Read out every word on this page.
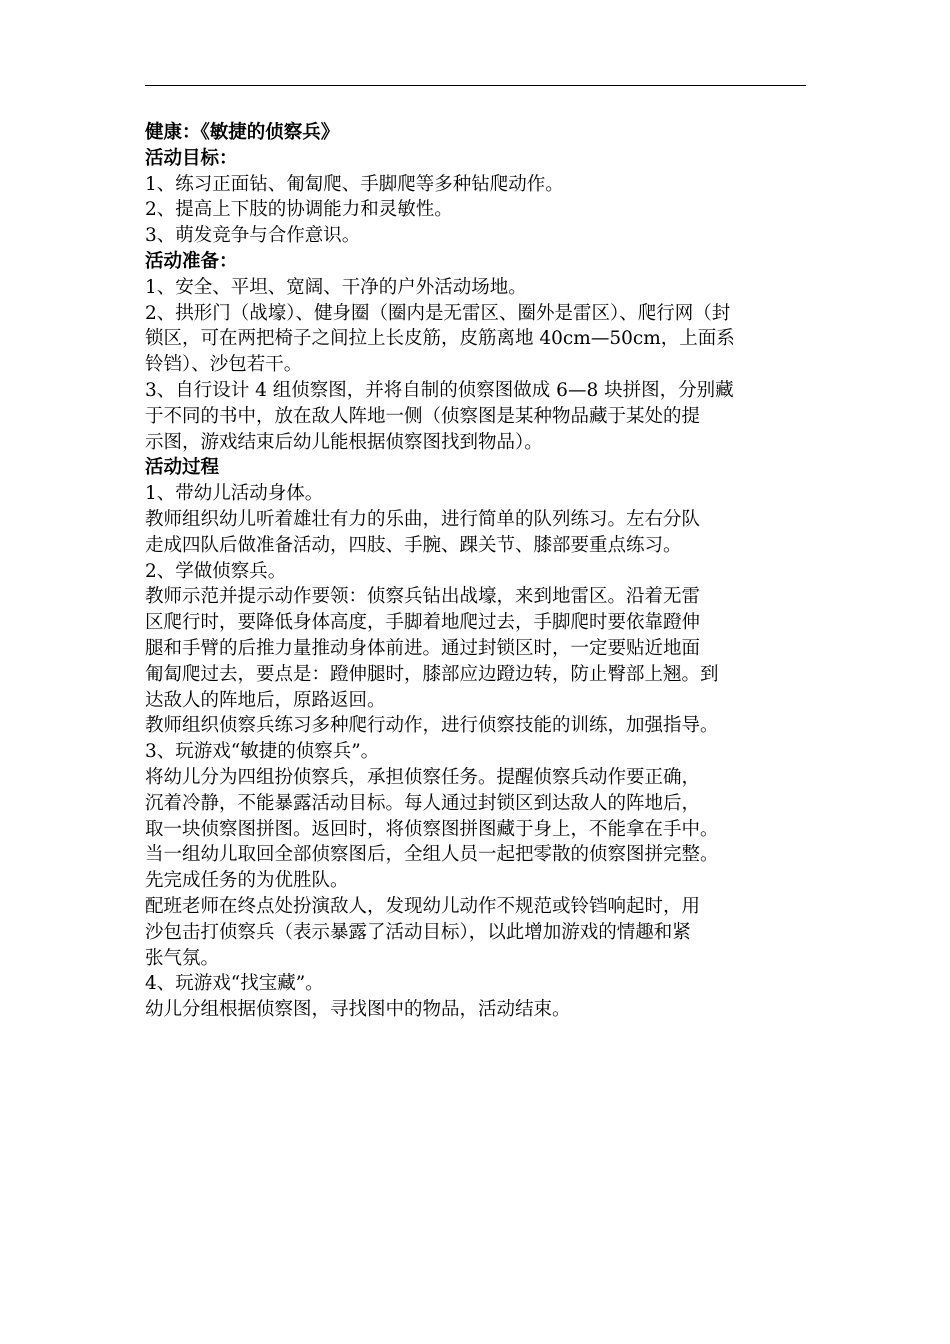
健康：《敏捷的侦察兵》
活动目标：
1、练习正面钻、匍匐爬、手脚爬等多种钻爬动作。
2、提高上下肢的协调能力和灵敏性。
3、萌发竞争与合作意识。
活动准备：
1、安全、平坦、宽阔、干净的户外活动场地。
2、拱形门（战壕）、健身圈（圈内是无雷区、圈外是雷区）、爬行网（封
锁区，可在两把椅子之间拉上长皮筋，皮筋离地 40cm—50cm，上面系
铃铛）、沙包若干。
3、自行设计 4 组侦察图，并将自制的侦察图做成 6—8 块拼图，分别藏
于不同的书中，放在敌人阵地一侧（侦察图是某种物品藏于某处的提
示图，游戏结束后幼儿能根据侦察图找到物品）。
活动过程
1、带幼儿活动身体。
教师组织幼儿听着雄壮有力的乐曲，进行简单的队列练习。左右分队
走成四队后做准备活动，四肢、手腕、踝关节、膝部要重点练习。
2、学做侦察兵。
教师示范并提示动作要领：侦察兵钻出战壕，来到地雷区。沿着无雷
区爬行时，要降低身体高度，手脚着地爬过去，手脚爬时要依靠蹬伸
腿和手臂的后推力量推动身体前进。通过封锁区时，一定要贴近地面
匍匐爬过去，要点是：蹬伸腿时，膝部应边蹬边转，防止臀部上翘。到
达敌人的阵地后，原路返回。
教师组织侦察兵练习多种爬行动作，进行侦察技能的训练，加强指导。
3、玩游戏“敏捷的侦察兵”。
将幼儿分为四组扮侦察兵，承担侦察任务。提醒侦察兵动作要正确，
沉着冷静，不能暴露活动目标。每人通过封锁区到达敌人的阵地后，
取一块侦察图拼图。返回时，将侦察图拼图藏于身上，不能拿在手中。
当一组幼儿取回全部侦察图后，全组人员一起把零散的侦察图拼完整。
先完成任务的为优胜队。
配班老师在终点处扮演敌人，发现幼儿动作不规范或铃铛响起时，用
沙包击打侦察兵（表示暴露了活动目标），以此增加游戏的情趣和紧
张气氛。
4、玩游戏“找宝藏”。
幼儿分组根据侦察图，寻找图中的物品，活动结束。
